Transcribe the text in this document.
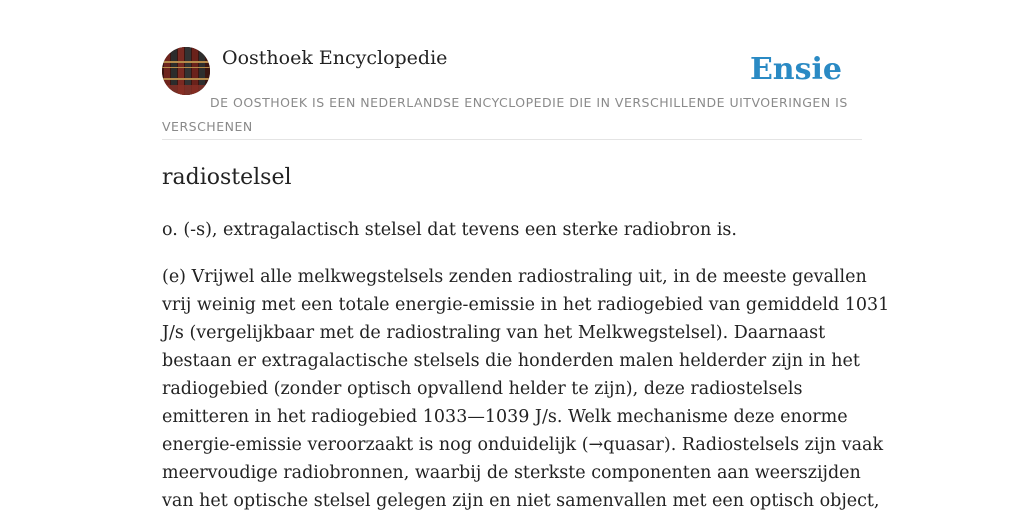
Oosthoek Encyclopedie	Ensie
DE OOSTHOEK IS EEN NEDERLANDSE ENCYCLOPEDIE DIE IN VERSCHILLENDE UITVOERINGEN IS VERSCHENEN
radiostelsel

o. (-s), extragalactisch stelsel dat tevens een sterke radiobron is.

(e) Vrijwel alle melkwegstelsels zenden radiostraling uit, in de meeste gevallen
vrij weinig met een totale energie-emissie in het radiogebied van gemiddeld 1031
J/s (vergelijkbaar met de radiostraling van het Melkwegstelsel). Daarnaast
bestaan er extragalactische stelsels die honderden malen helderder zijn in het
radiogebied (zonder optisch opvallend helder te zijn), deze radiostelsels
emitteren in het radiogebied 1033—1039 J/s. Welk mechanisme deze enorme
energie-emissie veroorzaakt is nog onduidelijk (→quasar). Radiostelsels zijn vaak
meervoudige radiobronnen, waarbij de sterkste componenten aan weerszijden
van het optische stelsel gelegen zijn en niet samenvallen met een optisch object,
